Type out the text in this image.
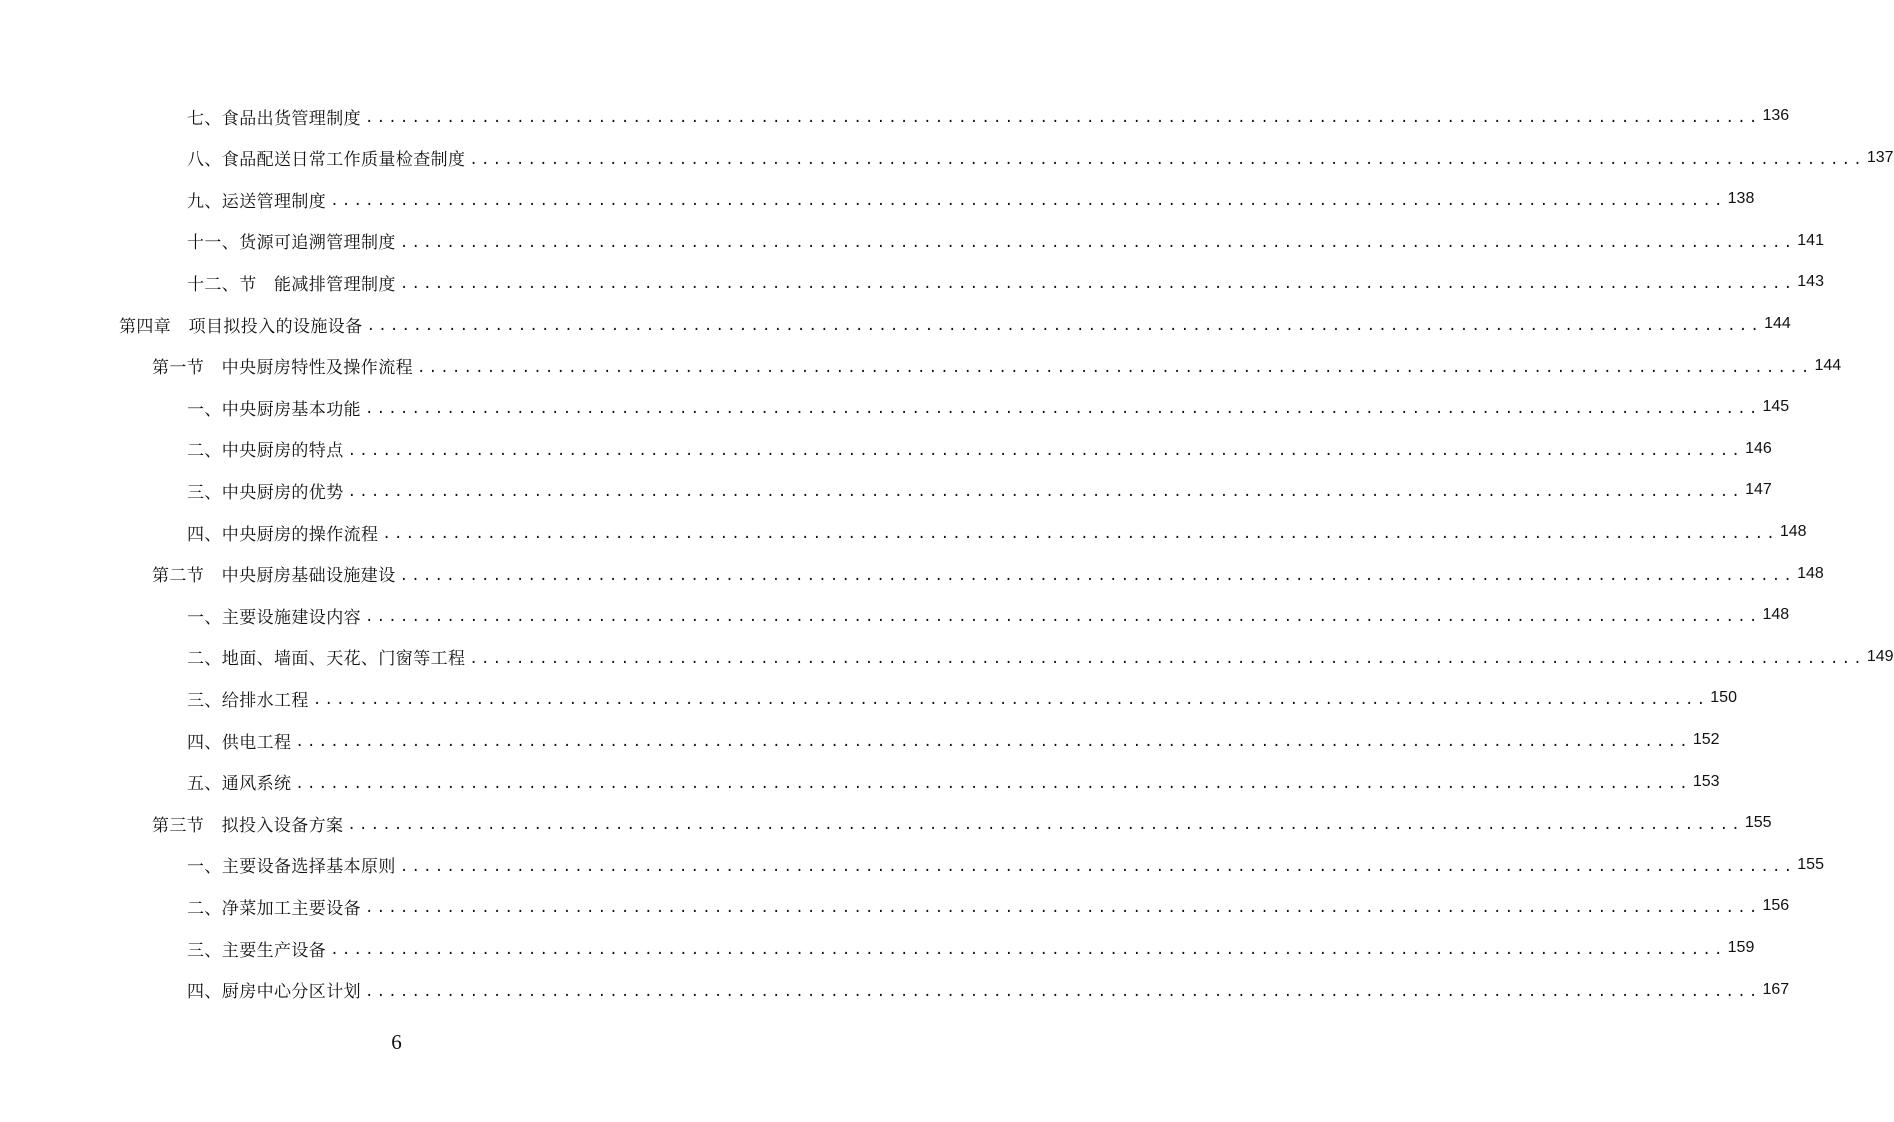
七、食品出货管理制度 ........................................................................................................................ 136
八、食品配送日常工作质量检查制度 ........................................................................................................................ 137
九、运送管理制度 ........................................................................................................................ 138
十一、货源可追溯管理制度 ........................................................................................................................ 141
十二、节　能减排管理制度 ........................................................................................................................ 143
第四章　项目拟投入的设施设备 ........................................................................................................................ 144
第一节　中央厨房特性及操作流程 ........................................................................................................................ 144
一、中央厨房基本功能 ........................................................................................................................ 145
二、中央厨房的特点 ........................................................................................................................ 146
三、中央厨房的优势 ........................................................................................................................ 147
四、中央厨房的操作流程 ........................................................................................................................ 148
第二节　中央厨房基础设施建设 ........................................................................................................................ 148
一、主要设施建设内容 ........................................................................................................................ 148
二、地面、墙面、天花、门窗等工程 ........................................................................................................................ 149
三、给排水工程 ........................................................................................................................ 150
四、供电工程 ........................................................................................................................ 152
五、通风系统 ........................................................................................................................ 153
第三节　拟投入设备方案 ........................................................................................................................ 155
一、主要设备选择基本原则 ........................................................................................................................ 155
二、净菜加工主要设备 ........................................................................................................................ 156
三、主要生产设备 ........................................................................................................................ 159
四、厨房中心分区计划 ........................................................................................................................ 167
6
